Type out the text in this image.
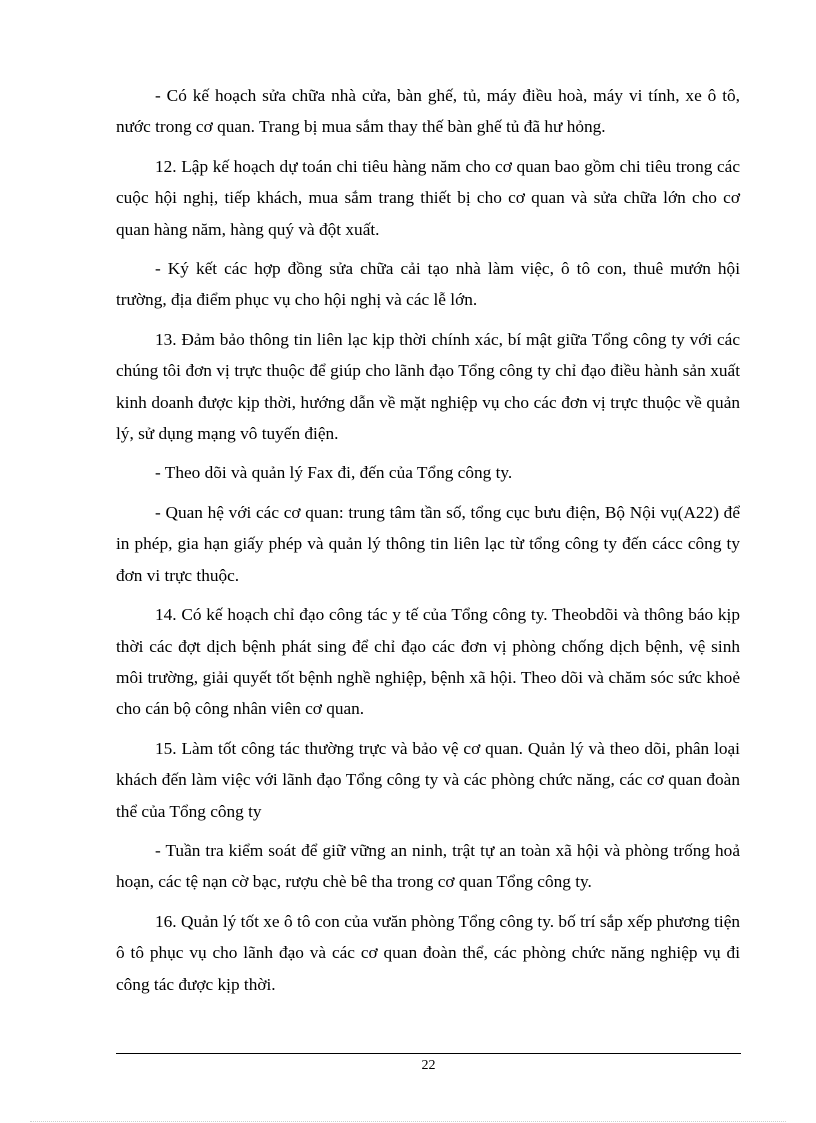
- Có kế hoạch sửa chữa nhà cửa, bàn ghế, tủ, máy điều hoà, máy vi tính, xe ô tô, nước trong cơ quan. Trang bị mua sắm thay thế bàn ghế tủ đã hư hỏng.

12. Lập kế hoạch dự toán chi tiêu hàng năm cho cơ quan bao gồm chi tiêu trong các cuộc hội nghị, tiếp khách, mua sắm trang thiết bị cho cơ quan và sửa chữa lớn cho cơ quan hàng năm, hàng quý và đột xuất.

- Ký kết các hợp đồng sửa chữa cải tạo nhà làm việc, ô tô con, thuê mướn hội trường, địa điểm phục vụ cho hội nghị và các lễ lớn.

13. Đảm bảo thông tin liên lạc kịp thời chính xác, bí mật giữa Tổng công ty với các chúng tôi đơn vị trực thuộc để giúp cho lãnh đạo Tổng công ty chỉ đạo điều hành sản xuất kinh doanh được kịp thời, hướng dẫn về mặt nghiệp vụ cho các đơn vị trực thuộc về quản lý, sử dụng mạng vô tuyến điện.

- Theo dõi và quản lý Fax đi, đến của Tổng công ty.

- Quan hệ với các cơ quan: trung tâm tần số, tổng cục bưu điện, Bộ Nội vụ(A22) để in phép, gia hạn giấy phép và quản lý thông tin liên lạc từ tổng công ty đến cácc công ty đơn vi trực thuộc.

14. Có kế hoạch chỉ đạo công tác y tế của Tổng công ty. Theobdõi và thông báo kịp thời các đợt dịch bệnh phát sing để chỉ đạo các đơn vị phòng chống dịch bệnh, vệ sinh môi trường, giải quyết tốt bệnh nghề nghiệp, bệnh xã hội. Theo dõi và chăm sóc sức khoẻ cho cán bộ công nhân viên cơ quan.

15. Làm tốt công tác thường trực và bảo vệ cơ quan. Quản lý và theo dõi, phân loại khách đến làm việc với lãnh đạo Tổng công ty và các phòng chức năng, các cơ quan đoàn thể của Tổng công ty

- Tuần tra kiểm soát để giữ vững an ninh, trật tự an toàn xã hội và phòng trống hoả hoạn, các tệ nạn cờ bạc, rượu chè bê tha trong cơ quan Tổng công ty.

16. Quản lý tốt xe ô tô con của vưăn phòng Tổng công ty. bố trí sắp xếp phương tiện ô tô phục vụ cho lãnh đạo và các cơ quan đoàn thể, các phòng chức năng nghiệp vụ đi công tác được kịp thời.

22
